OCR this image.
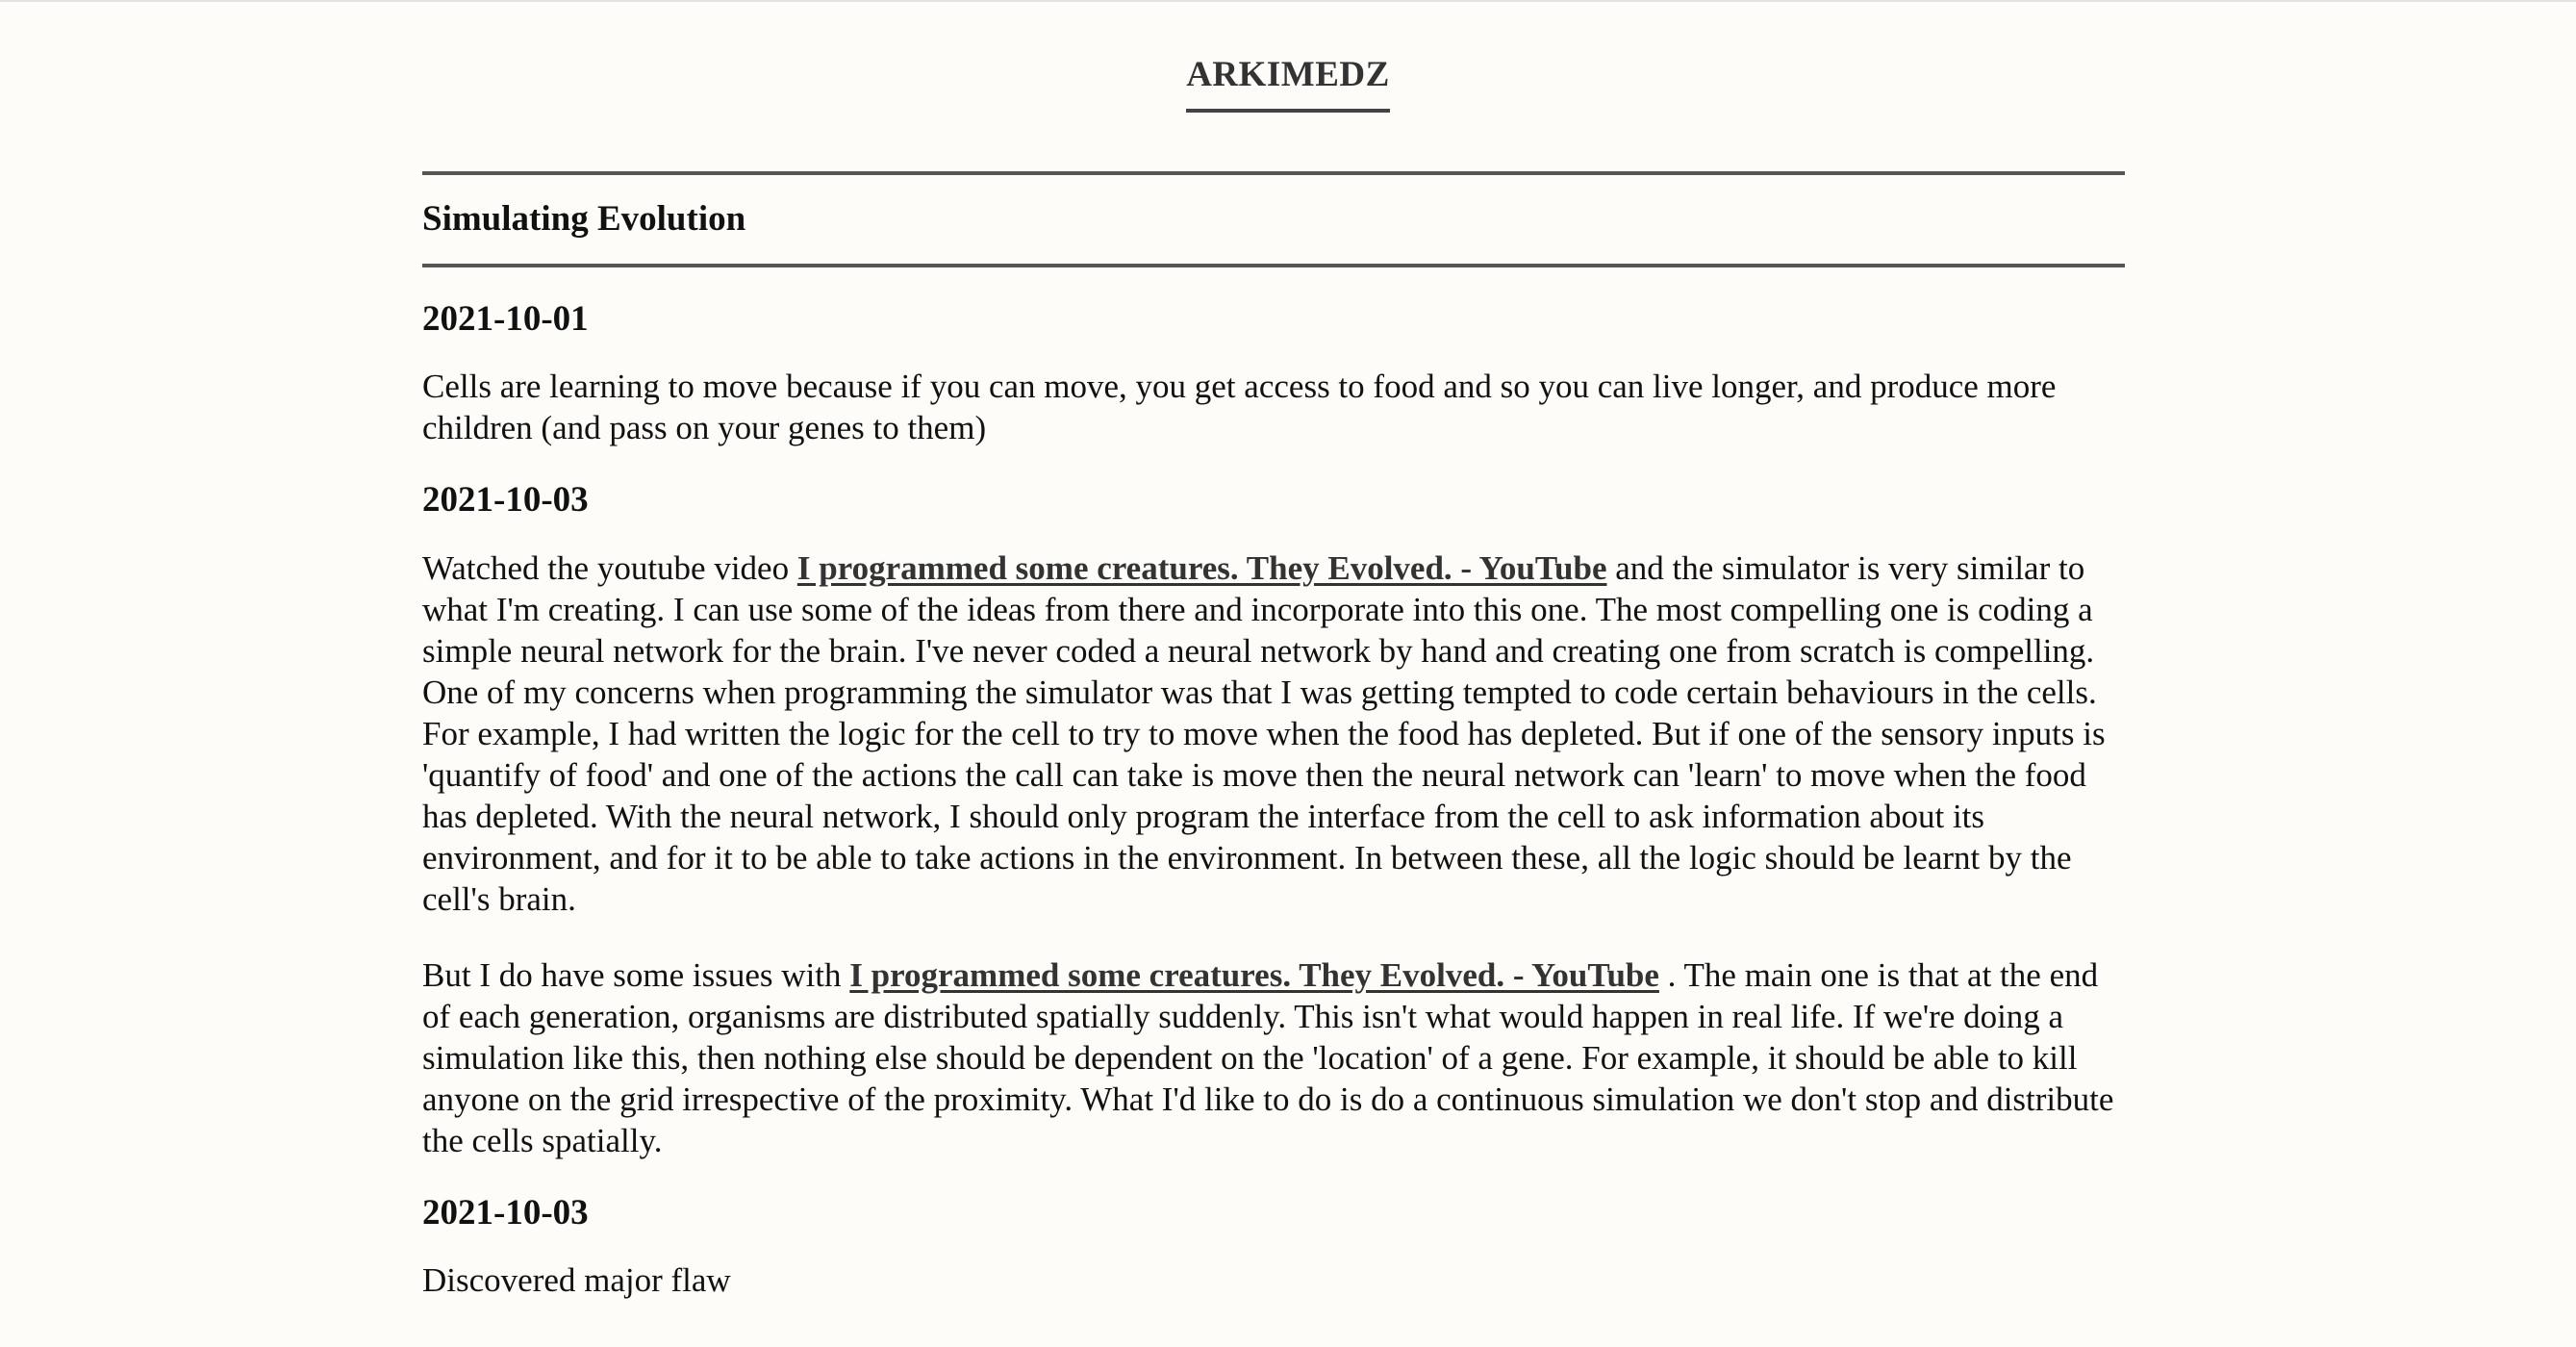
ARKIMEDZ
Simulating Evolution
2021-10-01

Cells are learning to move because if you can move, you get access to food and so you can live longer, and produce more children (and pass on your genes to them)

2021-10-03

Watched the youtube video I programmed some creatures. They Evolved. - YouTube and the simulator is very similar to what I'm creating. I can use some of the ideas from there and incorporate into this one. The most compelling one is coding a simple neural network for the brain. I've never coded a neural network by hand and creating one from scratch is compelling. One of my concerns when programming the simulator was that I was getting tempted to code certain behaviours in the cells. For example, I had written the logic for the cell to try to move when the food has depleted. But if one of the sensory inputs is 'quantify of food' and one of the actions the call can take is move then the neural network can 'learn' to move when the food has depleted. With the neural network, I should only program the interface from the cell to ask information about its environment, and for it to be able to take actions in the environment. In between these, all the logic should be learnt by the cell's brain.

But I do have some issues with I programmed some creatures. They Evolved. - YouTube . The main one is that at the end of each generation, organisms are distributed spatially suddenly. This isn't what would happen in real life. If we're doing a simulation like this, then nothing else should be dependent on the 'location' of a gene. For example, it should be able to kill anyone on the grid irrespective of the proximity. What I'd like to do is do a continuous simulation we don't stop and distribute the cells spatially.

2021-10-03

Discovered major flaw
